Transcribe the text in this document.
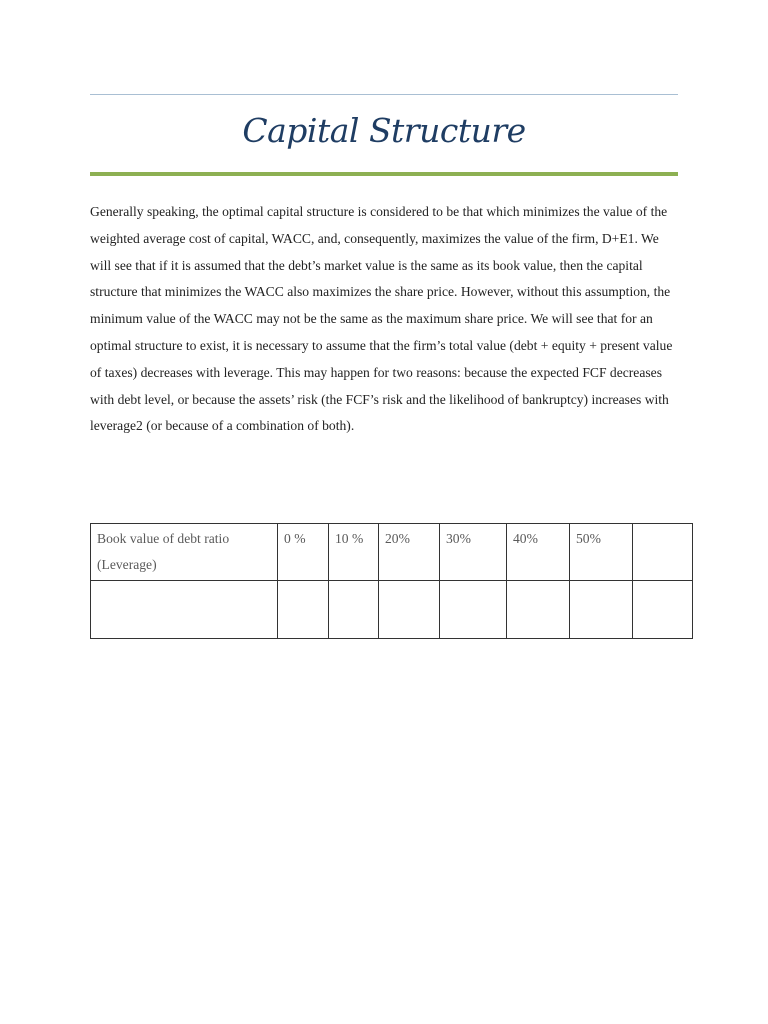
Capital Structure

Generally speaking, the optimal capital structure is considered to be that which minimizes the value of the weighted average cost of capital, WACC, and, consequently, maximizes the value of the firm, D+E1. We will see that if it is assumed that the debt’s market value is the same as its book value, then the capital structure that minimizes the WACC also maximizes the share price. However, without this assumption, the minimum value of the WACC may not be the same as the maximum share price. We will see that for an optimal structure to exist, it is necessary to assume that the firm’s total value (debt + equity + present value of taxes) decreases with leverage. This may happen for two reasons: because the expected FCF decreases with debt level, or because the assets’ risk (the FCF’s risk and the likelihood of bankruptcy) increases with leverage2 (or because of a combination of both).

Book value of debt ratio (Leverage)	0 %	10 %	20%	30%	40%	50%	
